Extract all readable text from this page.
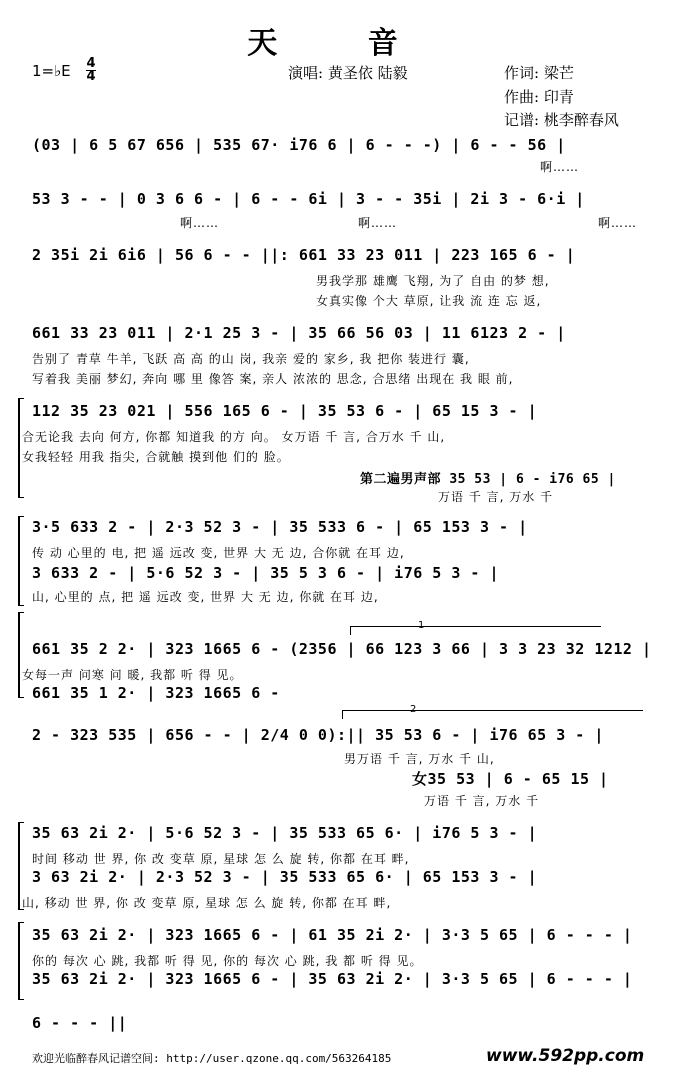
天 音
1=♭E 4
4	演唱: 黄圣依 陆毅	作词: 梁芒
作曲: 印青
记谱: 桃李醉春风
(03 | 6 5 67 656 | 535 67· i76 6 | 6 - - -) | 6 - - 56 |
啊……
53 3 - - | 0 3 6 6 - | 6 - - 6i | 3 - - 35i | 2i 3 - 6·i |
啊……	啊……	啊……
2 35i 2i 6i6 | 56 6 - - ||: 661 33 23 011 | 223 165 6 - |
男我学那 雄鹰 飞翔, 为了 自由 的梦 想,
女真实像 个大 草原, 让我 流 连 忘 返,
661 33 23 011 | 2·1 25 3 - | 35 66 56 03 | 11 6123 2 - |
告别了 青草 牛羊, 飞跃 高 高 的山 岗, 我亲 爱的 家乡, 我 把你 装进行 囊,
写着我 美丽 梦幻, 奔向 哪 里 像答 案, 亲人 浓浓的 思念, 合思绪 出现在 我 眼 前,
112 35 23 021 | 556 165 6 - | 35 53 6 - | 65 15 3 - |
合无论我 去向 何方, 你都 知道我 的方 向。 女万语 千 言, 合万水 千 山,
女我轻轻 用我 指尖, 合就触 摸到他 们的 脸。
第二遍男声部 35 53 | 6 - i76 65 |
万语 千 言, 万水 千
3·5 633 2 - | 2·3 52 3 - | 35 533 6 - | 65 153 3 - |
传 动 心里的 电, 把 遥 远改 变, 世界 大 无 边, 合你就 在耳 边,
3 633 2 - | 5·6 52 3 - | 35 5 3 6 - | i76 5 3 - |
山, 心里的 点, 把 遥 远改 变, 世界 大 无 边, 你就 在耳 边,
1
661 35 2 2· | 323 1665 6 - (2356 | 66 123 3 66 | 3 3 23 32 1212 |
女每一声 问寒 问 暖, 我都 听 得 见。
661 35 1 2· | 323 1665 6 -
2
2 - 323 535 | 656 - - | 2/4 0 0):|| 35 53 6 - | i76 65 3 - |
男万语 千 言, 万水 千 山,
女35 53 | 6 - 65 15 |
万语 千 言, 万水 千
35 63 2i 2· | 5·6 52 3 - | 35 533 65 6· | i76 5 3 - |
时间 移动 世 界, 你 改 变草 原, 星球 怎 么 旋 转, 你都 在耳 畔,
3 63 2i 2· | 2·3 52 3 - | 35 533 65 6· | 65 153 3 - |
山, 移动 世 界, 你 改 变草 原, 星球 怎 么 旋 转, 你都 在耳 畔,
35 63 2i 2· | 323 1665 6 - | 61 35 2i 2· | 3·3 5 65 | 6 - - - |
你的 每次 心 跳, 我都 听 得 见, 你的 每次 心 跳, 我 都 听 得 见。
35 63 2i 2· | 323 1665 6 - | 35 63 2i 2· | 3·3 5 65 | 6 - - - |
6 - - - ||
欢迎光临醉春风记谱空间: http://user.qzone.qq.com/563264185	www.592pp.com
